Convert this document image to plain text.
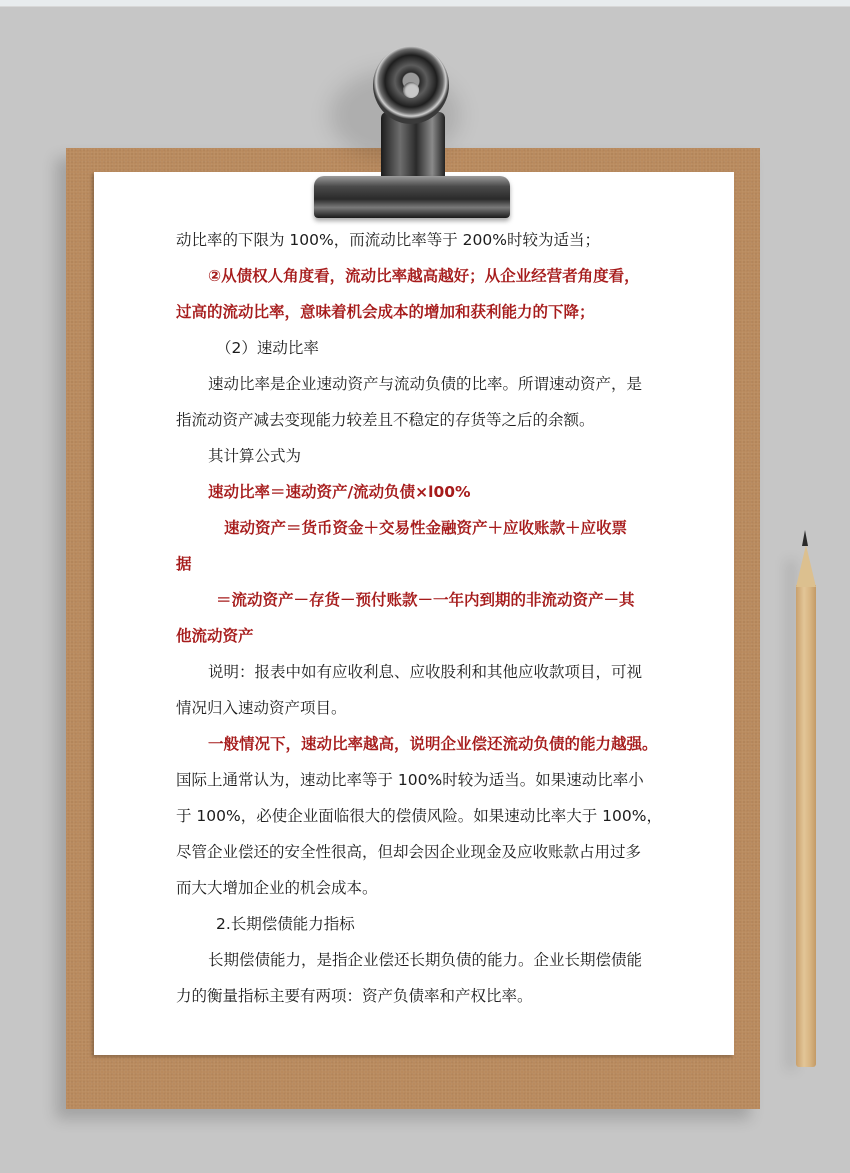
动比率的下限为 100%，而流动比率等于 200%时较为适当；

②从债权人角度看，流动比率越高越好；从企业经营者角度看，

过高的流动比率，意味着机会成本的增加和获利能力的下降；

（2）速动比率

速动比率是企业速动资产与流动负债的比率。所谓速动资产，是

指流动资产减去变现能力较差且不稳定的存货等之后的余额。

其计算公式为

速动比率＝速动资产/流动负债×l00%

速动资产＝货币资金＋交易性金融资产＋应收账款＋应收票

据

＝流动资产－存货－预付账款－一年内到期的非流动资产－其

他流动资产

说明：报表中如有应收利息、应收股利和其他应收款项目，可视

情况归入速动资产项目。

一般情况下，速动比率越高，说明企业偿还流动负债的能力越强。

国际上通常认为，速动比率等于 100%时较为适当。如果速动比率小

于 100%，必使企业面临很大的偿债风险。如果速动比率大于 100%，

尽管企业偿还的安全性很高，但却会因企业现金及应收账款占用过多

而大大增加企业的机会成本。

2.长期偿债能力指标

长期偿债能力，是指企业偿还长期负债的能力。企业长期偿债能

力的衡量指标主要有两项：资产负债率和产权比率。
